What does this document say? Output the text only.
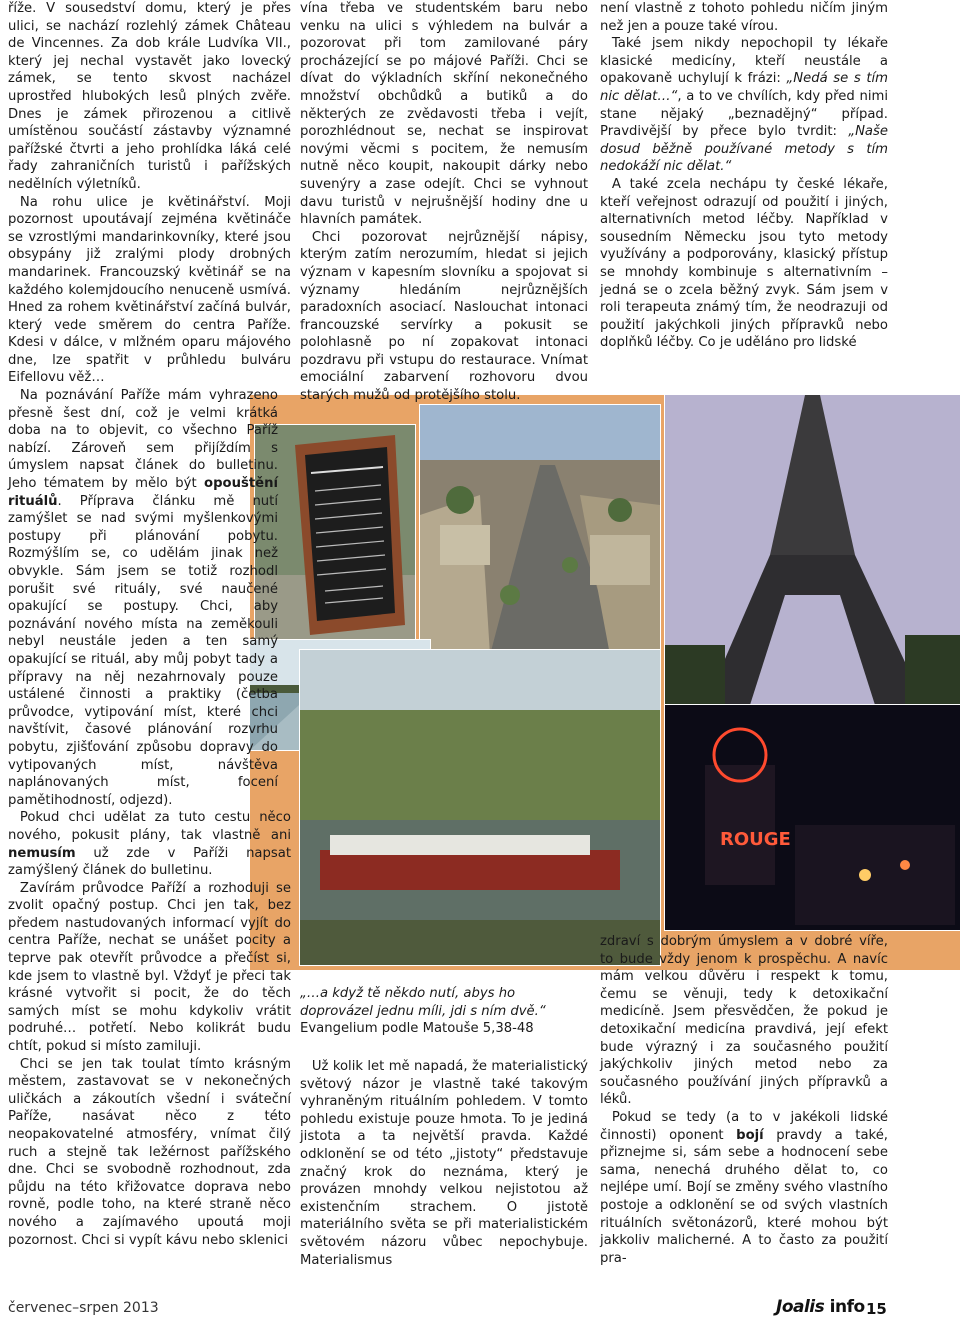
ROUGE

říže. V sousedství domu, který je přes ulici, se nachází rozlehlý zámek Château de Vincennes. Za dob krále Ludvíka VII., který jej nechal vystavět jako lovecký zámek, se tento skvost nacházel uprostřed hlubokých lesů plných zvěře. Dnes je zámek přirozenou a citlivě umístěnou součástí zástavby významné pařížské čtvrti a jeho prohlídka láká celé řady zahraničních turistů i pařížských nedělních výletníků.

Na rohu ulice je květinářství. Moji pozornost upoutávají zejména květináče se vzrostlými mandarinkovníky, které jsou obsypány již zralými plody drobných mandarinek. Francouzský květinář se na každého kolemjdoucího nenuceně usmívá. Hned za rohem květinářství začíná bulvár, který vede směrem do centra Paříže. Kdesi v dálce, v mlžném oparu májového dne, lze spatřit v průhledu bulváru Eifellovu věž…

Na poznávání Paříže mám vyhrazeno přesně šest dní, což je velmi krátká doba na to objevit, co všechno Paříž nabízí. Zároveň sem přijíždím s úmyslem napsat článek do bulletinu. Jeho tématem by mělo být opouštění rituálů. Příprava článku mě nutí zamýšlet se nad svými myšlenkovými postupy při plánování pobytu. Rozmýšlím se, co udělám jinak než obvykle. Sám jsem se totiž rozhodl porušit své rituály, své naučené opakující se postupy. Chci, aby poznávání nového místa na zeměkouli nebyl neustále jeden a ten samý opakující se rituál, aby můj pobyt tady a přípravy na něj nezahrnovaly pouze ustálené činnosti a praktiky (četba průvodce, vytipování míst, které chci navštívit, časové plánování rozvrhu pobytu, zjišťování způsobu dopravy do vytipovaných míst, návštěva naplánovaných míst, focení pamětihodností, odjezd).

Pokud chci udělat za tuto cestu něco nového, pokusit plány, tak vlastně ani nemusím už zde v Paříži napsat zamýšlený článek do bulletinu.

Zavírám průvodce Paříží a rozhoduji se zvolit opačný postup. Chci jen tak, bez předem nastudovaných informací vyjít do centra Paříže, nechat se unášet pocity a teprve pak otevřít průvodce a přečíst si, kde jsem to vlastně byl. Vždyť je přeci tak krásné vytvořit si pocit, že do těch samých míst se mohu kdykoliv vrátit podruhé… potřetí. Nebo kolikrát budu chtít, pokud si místo zamiluji.

Chci se jen tak toulat tímto krásným městem, zastavovat se v nekonečných uličkách a zákoutích všední i sváteční Paříže, nasávat něco z této neopakovatelné atmosféry, vnímat čilý ruch a stejně tak ležérnost pařížského dne. Chci se svobodně rozhodnout, zda půjdu na této křižovatce doprava nebo rovně, podle toho, na které straně něco nového a zajímavého upoutá moji pozornost. Chci si vypít kávu nebo sklenici

vína třeba ve studentském baru nebo venku na ulici s výhledem na bulvár a pozorovat při tom zamilované páry procházející se po májové Paříži. Chci se dívat do výkladních skříní nekonečného množství obchůdků a butiků a do některých ze zvědavosti třeba i vejít, porozhlédnout se, nechat se inspirovat novými věcmi s pocitem, že nemusím nutně něco koupit, nakoupit dárky nebo suvenýry a zase odejít. Chci se vyhnout davu turistů v nejrušnější hodiny dne u hlavních památek.

Chci pozorovat nejrůznější nápisy, kterým zatím nerozumím, hledat si jejich význam v kapesním slovníku a spojovat si významy hledáním nejrůznějších paradoxních asociací. Naslouchat intonaci francouzské servírky a pokusit se polohlasně po ní zopakovat intonaci pozdravu při vstupu do restaurace. Vnímat emociální zabarvení rozhovoru dvou starých mužů od protějšího stolu.

„…a když tě někdo nutí, abys ho doprovázel jednu míli, jdi s ním dvě.“
Evangelium podle Matouše 5,38-48

Už kolik let mě napadá, že materialistický světový názor je vlastně také takovým vyhraněným rituálním pohledem. V tomto pohledu existuje pouze hmota. To je jediná jistota a ta největší pravda. Každé odklonění se od této „jistoty“ představuje značný krok do neznáma, který je provázen mnohdy velkou nejistotou až existenčním strachem. O jistotě materiálního světa se při materialistickém světovém názoru vůbec nepochybuje. Materialismus

není vlastně z tohoto pohledu ničím jiným než jen a pouze také vírou.

Také jsem nikdy nepochopil ty lékaře klasické medicíny, kteří neustále a opakovaně uchylují k frázi: „Nedá se s tím nic dělat…“, a to ve chvílích, kdy před nimi stane nějaký „beznadějný“ případ. Pravdivější by přece bylo tvrdit: „Naše dosud běžně používané metody s tím nedokáží nic dělat.“

A také zcela nechápu ty české lékaře, kteří veřejnost odrazují od použití i jiných, alternativních metod léčby. Například v sousedním Německu jsou tyto metody využívány a podporovány, klasický přístup se mnohdy kombinuje s alternativním – jedná se o zcela běžný zvyk. Sám jsem v roli terapeuta známý tím, že neodrazuji od použití jakýchkoli jiných přípravků nebo doplňků léčby. Co je uděláno pro lidské

zdraví s dobrým úmyslem a v dobré víře, to bude vždy jenom k prospěchu. A navíc mám velkou důvěru i respekt k tomu, čemu se věnuji, tedy k detoxikační medicíně. Jsem přesvědčen, že pokud je detoxikační medicína pravdivá, její efekt bude výrazný i za současného použití jakýchkoliv jiných metod nebo za současného používání jiných přípravků a léků.

Pokud se tedy (a to v jakékoli lidské činnosti) oponent bojí pravdy a také, přiznejme si, sám sebe a hodnocení sebe sama, nenechá druhého dělat to, co nejlépe umí. Bojí se změny svého vlastního postoje a odklonění se od svých vlastních rituálních světonázorů, které mohou být jakkoliv malicherné. A to často za použití pra-

červenec–srpen 2013	Joalis info 15
